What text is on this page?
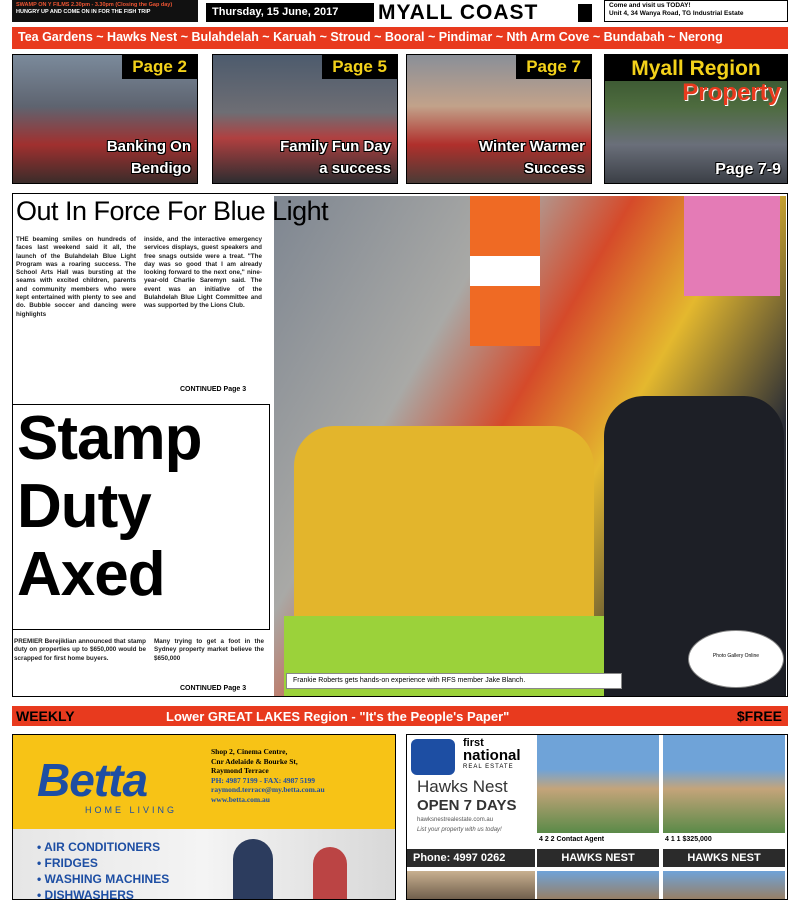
SWAMP ON Y FILMS 2.30pm - 3.30pm (Closing the Gap day)
HUNGRY UP AND COME ON IN FOR THE FISH TRIP	Thursday, 15 June, 2017	MYALL COAST	Come and visit us TODAY!
Unit 4, 34 Wanya Road, TG Industrial Estate
Tea Gardens ~ Hawks Nest ~ Bulahdelah ~ Karuah ~ Stroud ~ Booral ~ Pindimar ~ Nth Arm Cove ~ Bundabah ~ Nerong
Page 2
Banking On
Bendigo
Page 5
Family Fun Day
a success
Page 7
Winter Warmer
Success
Myall Region
Property
Page 7-9
Out In Force For Blue Light
THE beaming smiles on hundreds of faces last weekend said it all, the launch of the Bulahdelah Blue Light Program was a roaring success. The School Arts Hall was bursting at the seams with excited children, parents and community members who were kept entertained with plenty to see and do. Bubble soccer and dancing were highlights
inside, and the interactive emergency services displays, guest speakers and free snags outside were a treat. "The day was so good that I am already looking forward to the next one," nine-year-old Charlie Saremyn said. The event was an initiative of the Bulahdelah Blue Light Committee and was supported by the Lions Club.
CONTINUED Page 3
Frankie Roberts gets hands-on experience with RFS member Jake Blanch.
Photo Gallery Online
Stamp
Duty
Axed
PREMIER Berejiklian announced that stamp duty on properties up to $650,000 would be scrapped for first home buyers.
Many trying to get a foot in the Sydney property market believe the $650,000
CONTINUED Page 3
WEEKLY	Lower GREAT LAKES Region - "It's the People's Paper"	$FREE
Betta
HOME LIVING
Shop 2, Cinema Centre,
Cnr Adelaide & Bourke St,
Raymond Terrace
PH: 4987 7199 - FAX: 4987 5199
raymond.terrace@my.betta.com.au
www.betta.com.au
• AIR CONDITIONERS
• FRIDGES
• WASHING MACHINES
• DISHWASHERS
first
national
REAL ESTATE
Hawks Nest
OPEN 7 DAYS
hawksnestrealestate.com.au
List your property with us today!
Phone: 4997 0262
4 2 2 Contact Agent	4 1 1 $325,000
HAWKS NEST	HAWKS NEST
